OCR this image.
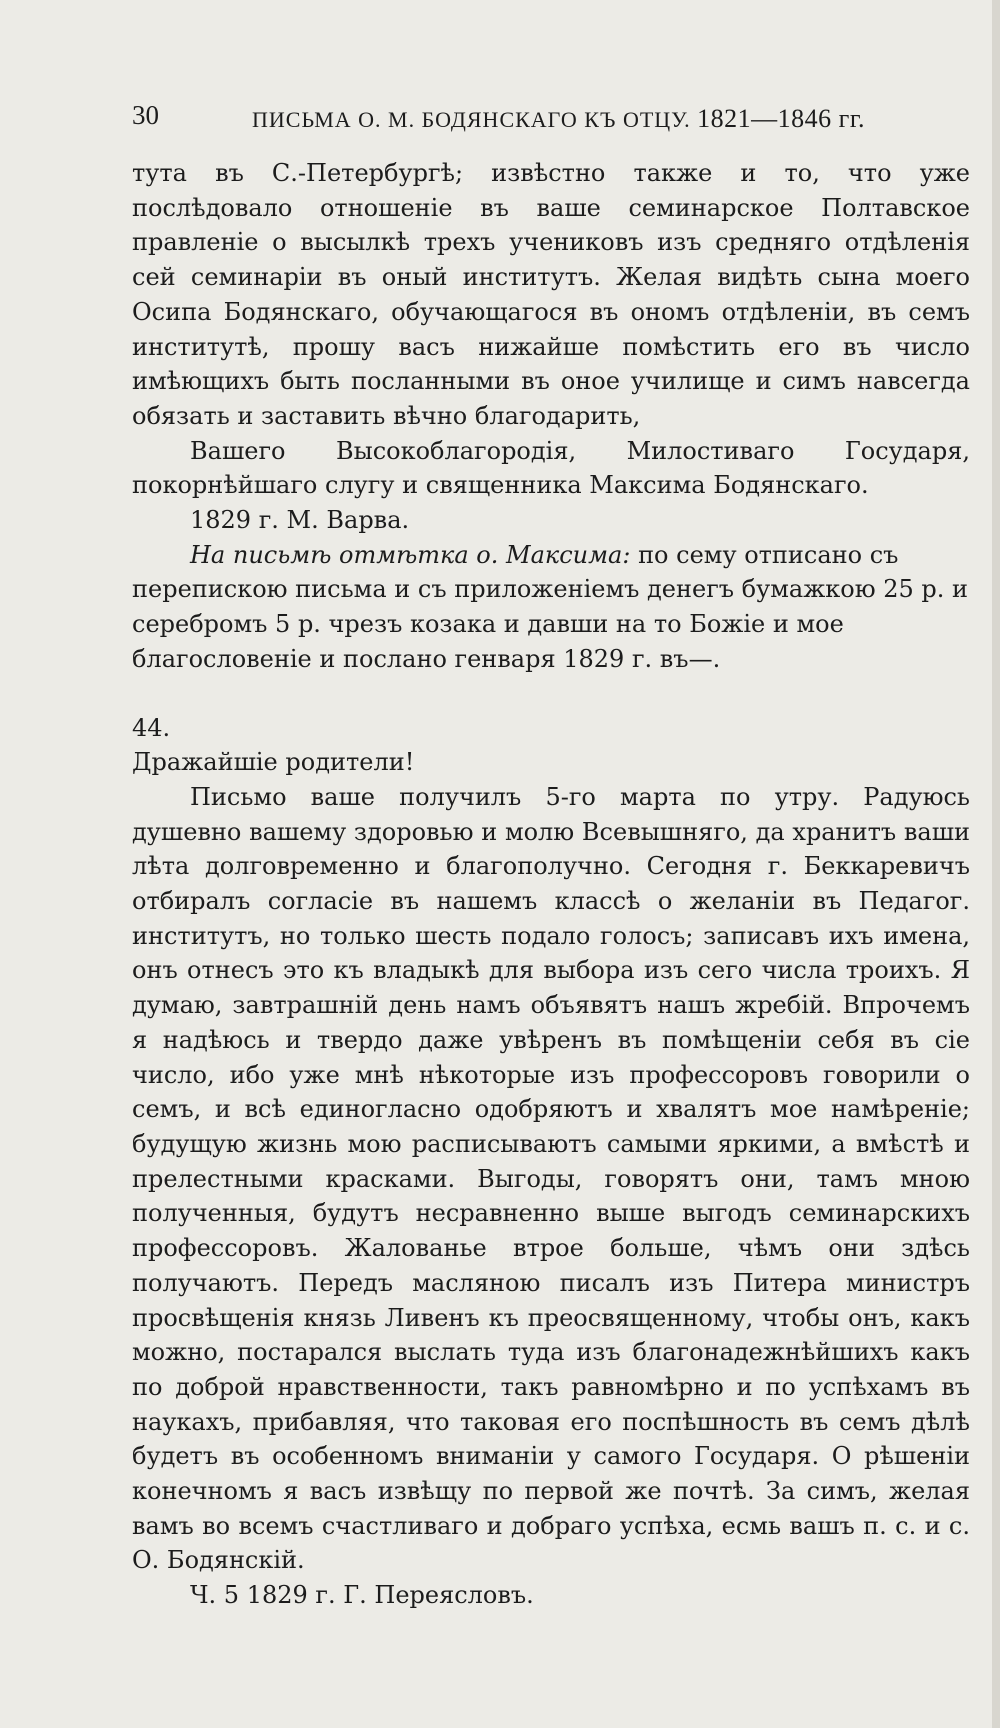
30	ПИСЬМА О. М. БОДЯНСКАГО КЪ ОТЦУ. 1821—1846 гг.

тута въ С.-Петербургѣ; извѣстно также и то, что уже послѣдовало отношеніе въ ваше семинарское Полтавское правленіе о высылкѣ трехъ учениковъ изъ средняго отдѣленія сей семинаріи въ оный институтъ. Желая видѣть сына моего Осипа Бодянскаго, обучающагося въ ономъ отдѣленіи, въ семъ институтѣ, прошу васъ нижайше помѣстить его въ число имѣющихъ быть посланными въ оное училище и симъ навсегда обязать и заставить вѣчно благодарить,

Вашего Высокоблагородія, Милостиваго Государя, покорнѣйшаго слугу и священника Максима Бодянскаго.

1829 г. М. Варва.

На письмѣ отмѣтка о. Максима: по сему отписано съ перепискою письма и съ приложеніемъ денегъ бумажкою 25 р. и серебромъ 5 р. чрезъ козака и давши на то Божіе и мое благословеніе и послано генваря 1829 г. въ—.

44.

Дражайшіе родители!

Письмо ваше получилъ 5-го марта по утру. Радуюсь душевно вашему здоровью и молю Всевышняго, да хранитъ ваши лѣта долговременно и благополучно. Сегодня г. Беккаревичъ отбиралъ согласіе въ нашемъ классѣ о желаніи въ Педагог. институтъ, но только шесть подало голосъ; записавъ ихъ имена, онъ отнесъ это къ владыкѣ для выбора изъ сего числа троихъ. Я думаю, завтрашній день намъ объявятъ нашъ жребій. Впрочемъ я надѣюсь и твердо даже увѣренъ въ помѣщеніи себя въ сіе число, ибо уже мнѣ нѣкоторые изъ профессоровъ говорили о семъ, и всѣ единогласно одобряютъ и хвалятъ мое намѣреніе; будущую жизнь мою расписываютъ самыми яркими, а вмѣстѣ и прелестными красками. Выгоды, говорятъ они, тамъ мною полученныя, будутъ несравненно выше выгодъ семинарскихъ профессоровъ. Жалованье втрое больше, чѣмъ они здѣсь получаютъ. Передъ масляною писалъ изъ Питера министръ просвѣщенія князь Ливенъ къ преосвященному, чтобы онъ, какъ можно, постарался выслать туда изъ благонадежнѣйшихъ какъ по доброй нравственности, такъ равномѣрно и по успѣхамъ въ наукахъ, прибавляя, что таковая его поспѣшность въ семъ дѣлѣ будетъ въ особенномъ вниманіи у самого Государя. О рѣшеніи конечномъ я васъ извѣщу по первой же почтѣ. За симъ, желая вамъ во всемъ счастливаго и добраго успѣха, есмь вашъ п. с. и с. О. Бодянскій.

Ч. 5 1829 г. Г. Переясловъ.
